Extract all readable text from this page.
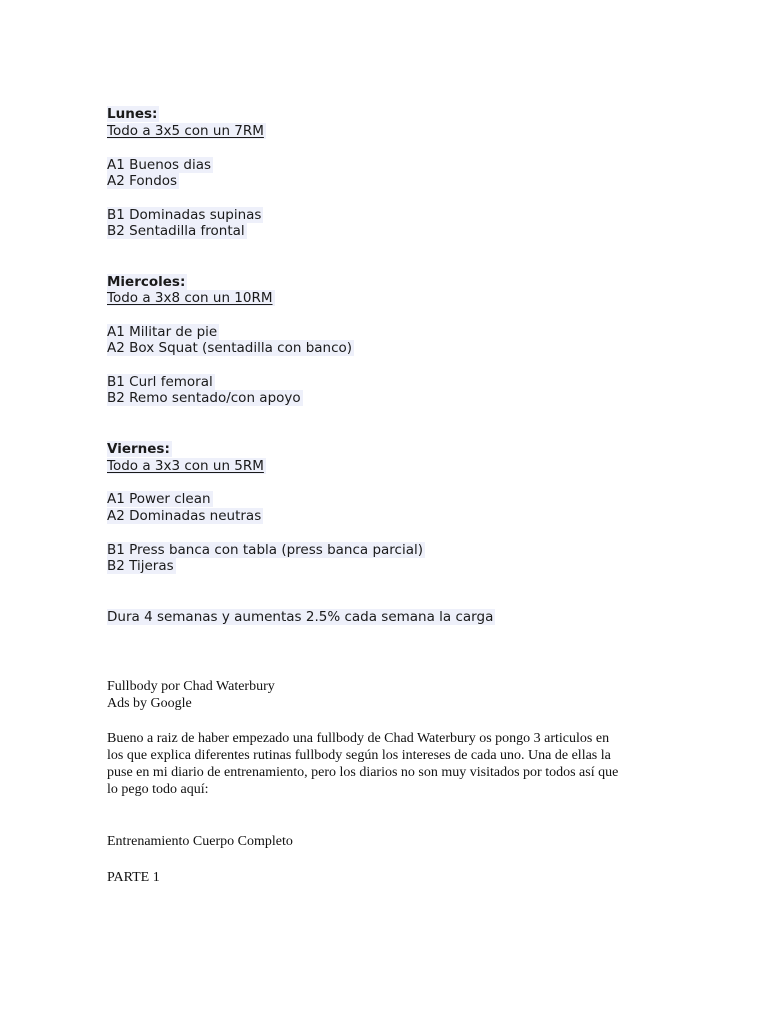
Lunes:
Todo a 3x5 con un 7RM
A1 Buenos dias
A2 Fondos
B1 Dominadas supinas
B2 Sentadilla frontal
Miercoles:
Todo a 3x8 con un 10RM
A1 Militar de pie
A2 Box Squat (sentadilla con banco)
B1 Curl femoral
B2 Remo sentado/con apoyo
Viernes:
Todo a 3x3 con un 5RM
A1 Power clean
A2 Dominadas neutras
B1 Press banca con tabla (press banca parcial)
B2 Tijeras
Dura 4 semanas y aumentas 2.5% cada semana la carga
Fullbody por Chad Waterbury
Ads by Google
Bueno a raiz de haber empezado una fullbody de Chad Waterbury os pongo 3 articulos en
los que explica diferentes rutinas fullbody según los intereses de cada uno. Una de ellas la
puse en mi diario de entrenamiento, pero los diarios no son muy visitados por todos así que
lo pego todo aquí:
Entrenamiento Cuerpo Completo
PARTE 1
